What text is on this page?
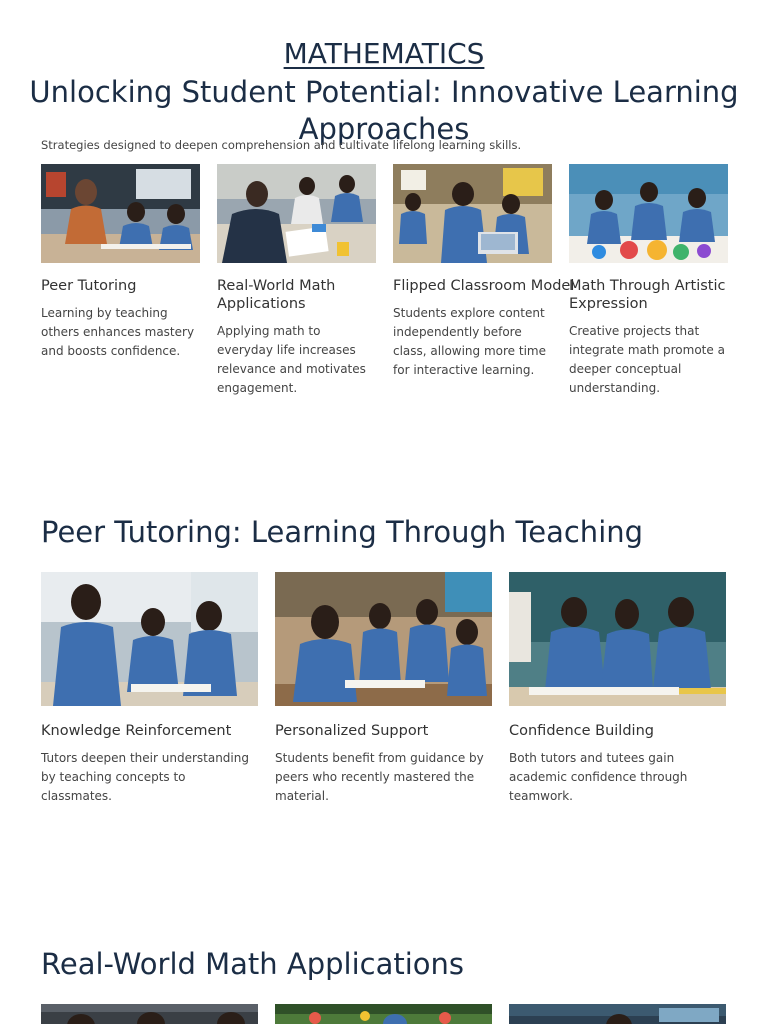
MATHEMATICS
Unlocking Student Potential: Innovative Learning Approaches

Strategies designed to deepen comprehension and cultivate lifelong learning skills.

Peer Tutoring
Learning by teaching others enhances mastery and boosts confidence.
Real-World Math Applications
Applying math to everyday life increases relevance and motivates engagement.
Flipped Classroom Model
Students explore content independently before class, allowing more time for interactive learning.
Math Through Artistic Expression
Creative projects that integrate math promote a deeper conceptual understanding.
Peer Tutoring: Learning Through Teaching
Knowledge Reinforcement
Tutors deepen their understanding by teaching concepts to classmates.
Personalized Support
Students benefit from guidance by peers who recently mastered the material.
Confidence Building
Both tutors and tutees gain academic confidence through teamwork.
Real-World Math Applications
